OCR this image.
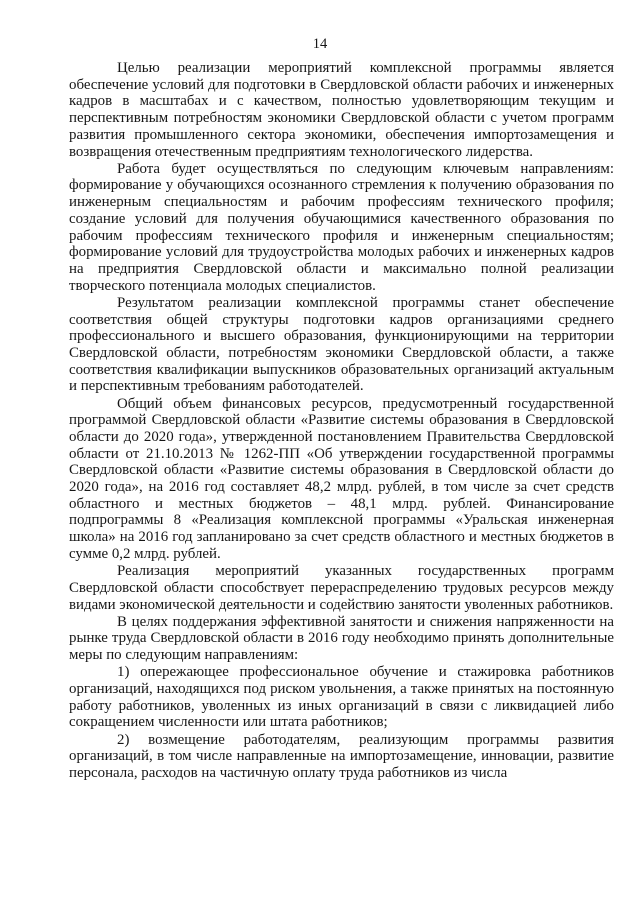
14

Целью реализации мероприятий комплексной программы является обеспечение условий для подготовки в Свердловской области рабочих и инженерных кадров в масштабах и с качеством, полностью удовлетворяющим текущим и перспективным потребностям экономики Свердловской области с учетом программ развития промышленного сектора экономики, обеспечения импортозамещения и возвращения отечественным предприятиям технологического лидерства.

Работа будет осуществляться по следующим ключевым направлениям: формирование у обучающихся осознанного стремления к получению образования по инженерным специальностям и рабочим профессиям технического профиля; создание условий для получения обучающимися качественного образования по рабочим профессиям технического профиля и инженерным специальностям; формирование условий для трудоустройства молодых рабочих и инженерных кадров на предприятия Свердловской области и максимально полной реализации творческого потенциала молодых специалистов.

Результатом реализации комплексной программы станет обеспечение соответствия общей структуры подготовки кадров организациями среднего профессионального и высшего образования, функционирующими на территории Свердловской области, потребностям экономики Свердловской области, а также соответствия квалификации выпускников образовательных организаций актуальным и перспективным требованиям работодателей.

Общий объем финансовых ресурсов, предусмотренный государственной программой Свердловской области «Развитие системы образования в Свердловской области до 2020 года», утвержденной постановлением Правительства Свердловской области от 21.10.2013 № 1262-ПП «Об утверждении государственной программы Свердловской области «Развитие системы образования в Свердловской области до 2020 года», на 2016 год составляет 48,2 млрд. рублей, в том числе за счет средств областного и местных бюджетов – 48,1 млрд. рублей. Финансирование подпрограммы 8 «Реализация комплексной программы «Уральская инженерная школа» на 2016 год запланировано за счет средств областного и местных бюджетов в сумме 0,2 млрд. рублей.

Реализация мероприятий указанных государственных программ Свердловской области способствует перераспределению трудовых ресурсов между видами экономической деятельности и содействию занятости уволенных работников.

В целях поддержания эффективной занятости и снижения напряженности на рынке труда Свердловской области в 2016 году необходимо принять дополнительные меры по следующим направлениям:

1) опережающее профессиональное обучение и стажировка работников организаций, находящихся под риском увольнения, а также принятых на постоянную работу работников, уволенных из иных организаций в связи с ликвидацией либо сокращением численности или штата работников;

2) возмещение работодателям, реализующим программы развития организаций, в том числе направленные на импортозамещение, инновации, развитие персонала, расходов на частичную оплату труда работников из числа
